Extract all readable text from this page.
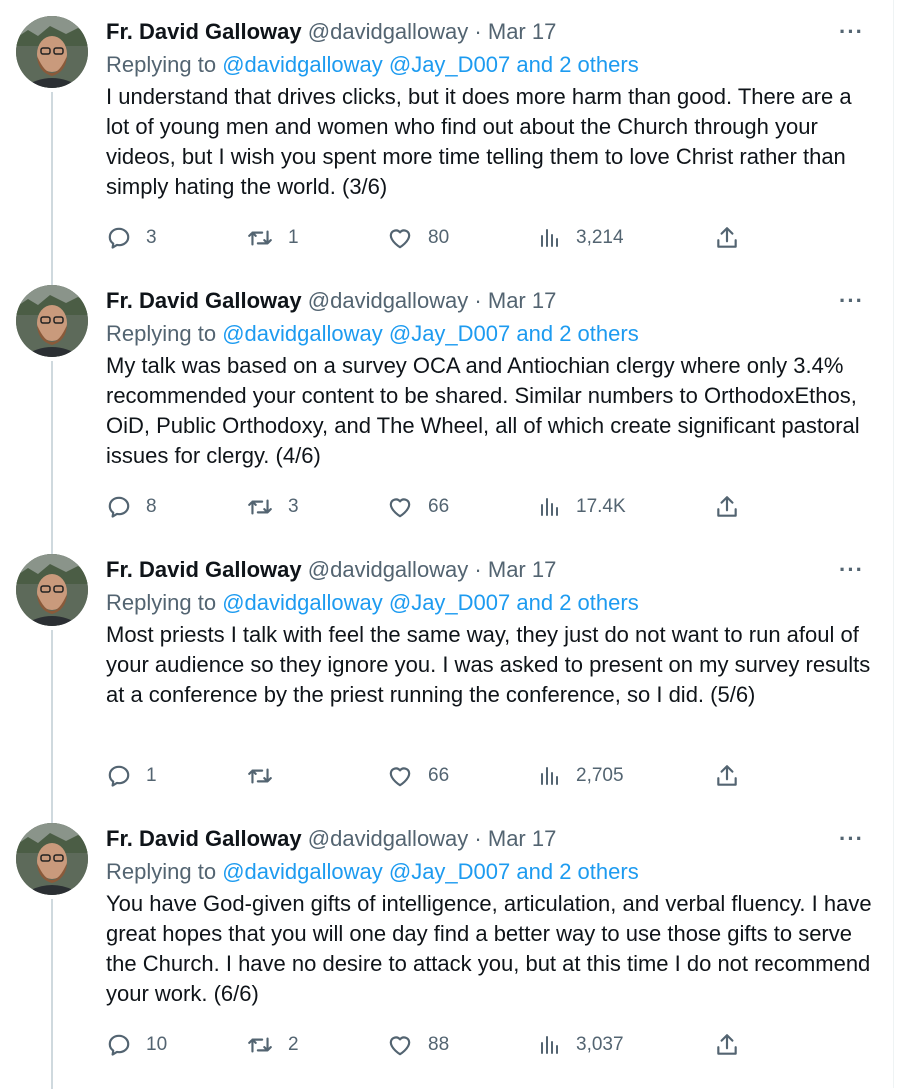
Fr. David Galloway @davidgalloway · Mar 17	···
Replying to @davidgalloway @Jay_D007 and 2 others
I understand that drives clicks, but it does more harm than good. There are a lot of young men and women who find out about the Church through your videos, but I wish you spent more time telling them to love Christ rather than simply hating the world. (3/6)
3	1	80	3,214
Fr. David Galloway @davidgalloway · Mar 17	···
Replying to @davidgalloway @Jay_D007 and 2 others
My talk was based on a survey OCA and Antiochian clergy where only 3.4% recommended your content to be shared. Similar numbers to OrthodoxEthos, OiD, Public Orthodoxy, and The Wheel, all of which create significant pastoral issues for clergy. (4/6)
8	3	66	17.4K
Fr. David Galloway @davidgalloway · Mar 17	···
Replying to @davidgalloway @Jay_D007 and 2 others
Most priests I talk with feel the same way, they just do not want to run afoul of your audience so they ignore you. I was asked to present on my survey results at a conference by the priest running the conference, so I did. (5/6)
1	66	2,705
Fr. David Galloway @davidgalloway · Mar 17	···
Replying to @davidgalloway @Jay_D007 and 2 others
You have God-given gifts of intelligence, articulation, and verbal fluency. I have great hopes that you will one day find a better way to use those gifts to serve the Church. I have no desire to attack you, but at this time I do not recommend your work. (6/6)
10	2	88	3,037
